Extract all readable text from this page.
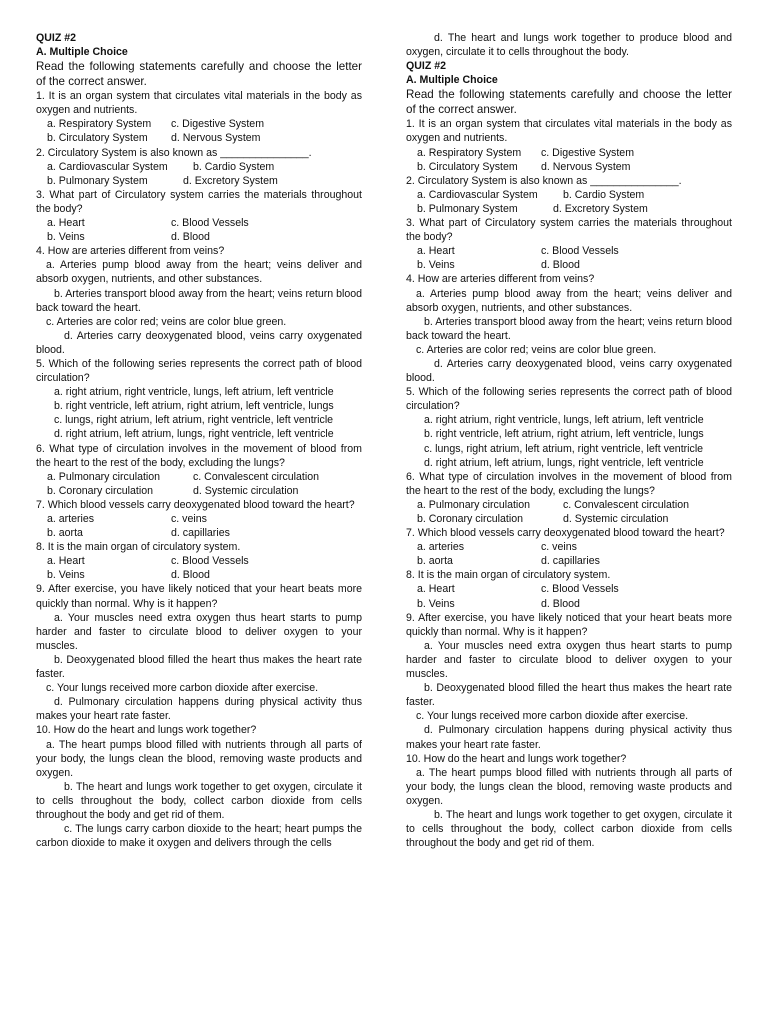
QUIZ #2
A. Multiple Choice
Read the following statements carefully and choose the letter of the correct answer.
1. It is an organ system that circulates vital materials in the body as oxygen and nutrients.
a. Respiratory System	c. Digestive System
b. Circulatory System	d. Nervous System
2. Circulatory System is also known as _______________.
a. Cardiovascular System	b. Cardio System
b. Pulmonary System	d. Excretory System
3. What part of Circulatory system carries the materials throughout the body?
a. Heart	c. Blood Vessels
b. Veins	d. Blood
4. How are arteries different from veins?
a. Arteries pump blood away from the heart; veins deliver and absorb oxygen, nutrients, and other substances.
b. Arteries transport blood away from the heart; veins return blood back toward the heart.
c. Arteries are color red; veins are color blue green.
d. Arteries carry deoxygenated blood, veins carry oxygenated blood.
5. Which of the following series represents the correct path of blood circulation?
a. right atrium, right ventricle, lungs, left atrium, left ventricle
b. right ventricle, left atrium, right atrium, left ventricle, lungs
c. lungs, right atrium, left atrium, right ventricle, left ventricle
d. right atrium, left atrium, lungs, right ventricle, left ventricle
6. What type of circulation involves in the movement of blood from the heart to the rest of the body, excluding the lungs?
a. Pulmonary circulation	c. Convalescent circulation
b. Coronary circulation	d. Systemic circulation
7. Which blood vessels carry deoxygenated blood toward the heart?
a. arteries	c. veins
b. aorta	d. capillaries
8. It is the main organ of circulatory system.
a. Heart	c. Blood Vessels
b. Veins	d. Blood
9. After exercise, you have likely noticed that your heart beats more quickly than normal. Why is it happen?
a. Your muscles need extra oxygen thus heart starts to pump harder and faster to circulate blood to deliver oxygen to your muscles.
b. Deoxygenated blood filled the heart thus makes the heart rate faster.
c. Your lungs received more carbon dioxide after exercise.
d. Pulmonary circulation happens during physical activity thus makes your heart rate faster.
10. How do the heart and lungs work together?
a. The heart pumps blood filled with nutrients through all parts of your body, the lungs clean the blood, removing waste products and oxygen.
b. The heart and lungs work together to get oxygen, circulate it to cells throughout the body, collect carbon dioxide from cells throughout the body and get rid of them.
c. The lungs carry carbon dioxide to the heart; heart pumps the carbon dioxide to make it oxygen and delivers through the cells
d. The heart and lungs work together to produce blood and oxygen, circulate it to cells throughout the body.
QUIZ #2
A. Multiple Choice
Read the following statements carefully and choose the letter of the correct answer.
1. It is an organ system that circulates vital materials in the body as oxygen and nutrients.
a. Respiratory System	c. Digestive System
b. Circulatory System	d. Nervous System
2. Circulatory System is also known as _______________.
a. Cardiovascular System	b. Cardio System
b. Pulmonary System	d. Excretory System
3. What part of Circulatory system carries the materials throughout the body?
a. Heart	c. Blood Vessels
b. Veins	d. Blood
4. How are arteries different from veins?
a. Arteries pump blood away from the heart; veins deliver and absorb oxygen, nutrients, and other substances.
b. Arteries transport blood away from the heart; veins return blood back toward the heart.
c. Arteries are color red; veins are color blue green.
d. Arteries carry deoxygenated blood, veins carry oxygenated blood.
5. Which of the following series represents the correct path of blood circulation?
a. right atrium, right ventricle, lungs, left atrium, left ventricle
b. right ventricle, left atrium, right atrium, left ventricle, lungs
c. lungs, right atrium, left atrium, right ventricle, left ventricle
d. right atrium, left atrium, lungs, right ventricle, left ventricle
6. What type of circulation involves in the movement of blood from the heart to the rest of the body, excluding the lungs?
a. Pulmonary circulation	c. Convalescent circulation
b. Coronary circulation	d. Systemic circulation
7. Which blood vessels carry deoxygenated blood toward the heart?
a. arteries	c. veins
b. aorta	d. capillaries
8. It is the main organ of circulatory system.
a. Heart	c. Blood Vessels
b. Veins	d. Blood
9. After exercise, you have likely noticed that your heart beats more quickly than normal. Why is it happen?
a. Your muscles need extra oxygen thus heart starts to pump harder and faster to circulate blood to deliver oxygen to your muscles.
b. Deoxygenated blood filled the heart thus makes the heart rate faster.
c. Your lungs received more carbon dioxide after exercise.
d. Pulmonary circulation happens during physical activity thus makes your heart rate faster.
10. How do the heart and lungs work together?
a. The heart pumps blood filled with nutrients through all parts of your body, the lungs clean the blood, removing waste products and oxygen.
b. The heart and lungs work together to get oxygen, circulate it to cells throughout the body, collect carbon dioxide from cells throughout the body and get rid of them.
